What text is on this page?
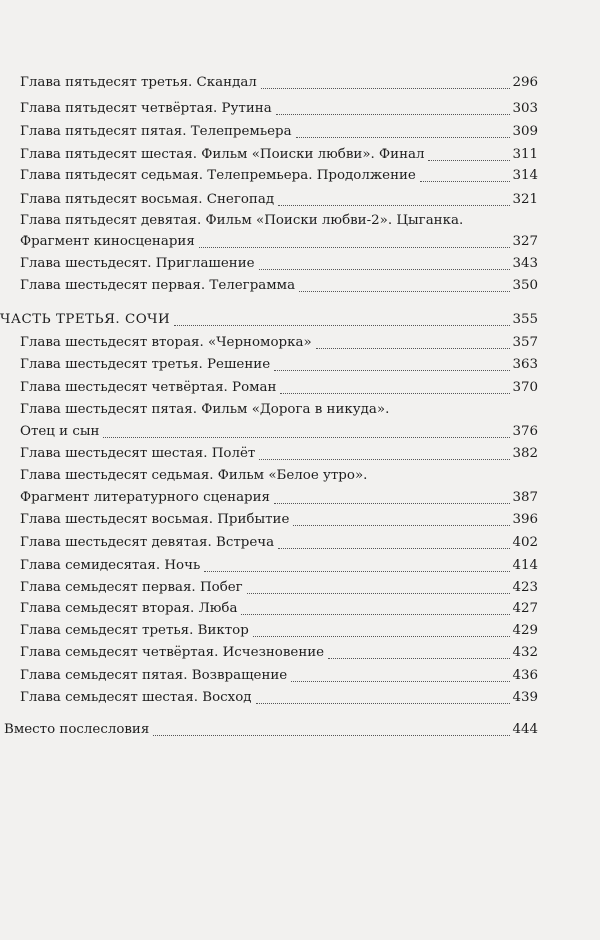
Глава пятьдесят третья. Скандал	296
Глава пятьдесят четвёртая. Рутина	303
Глава пятьдесят пятая. Телепремьера	309
Глава пятьдесят шестая. Фильм «Поиски любви». Финал	311
Глава пятьдесят седьмая. Телепремьера. Продолжение	314
Глава пятьдесят восьмая. Снегопад	321
Глава пятьдесят девятая. Фильм «Поиски любви-2». Цыганка.
Фрагмент киносценария	327
Глава шестьдесят. Приглашение	343
Глава шестьдесят первая. Телеграмма	350
ЧАСТЬ ТРЕТЬЯ. СОЧИ	355
Глава шестьдесят вторая. «Черноморка»	357
Глава шестьдесят третья. Решение	363
Глава шестьдесят четвёртая. Роман	370
Глава шестьдесят пятая. Фильм «Дорога в никуда».
Отец и сын	376
Глава шестьдесят шестая. Полёт	382
Глава шестьдесят седьмая. Фильм «Белое утро».
Фрагмент литературного сценария	387
Глава шестьдесят восьмая. Прибытие	396
Глава шестьдесят девятая. Встреча	402
Глава семидесятая. Ночь	414
Глава семьдесят первая. Побег	423
Глава семьдесят вторая. Люба	427
Глава семьдесят третья. Виктор	429
Глава семьдесят четвёртая. Исчезновение	432
Глава семьдесят пятая. Возвращение	436
Глава семьдесят шестая. Восход	439
Вместо послесловия	444
